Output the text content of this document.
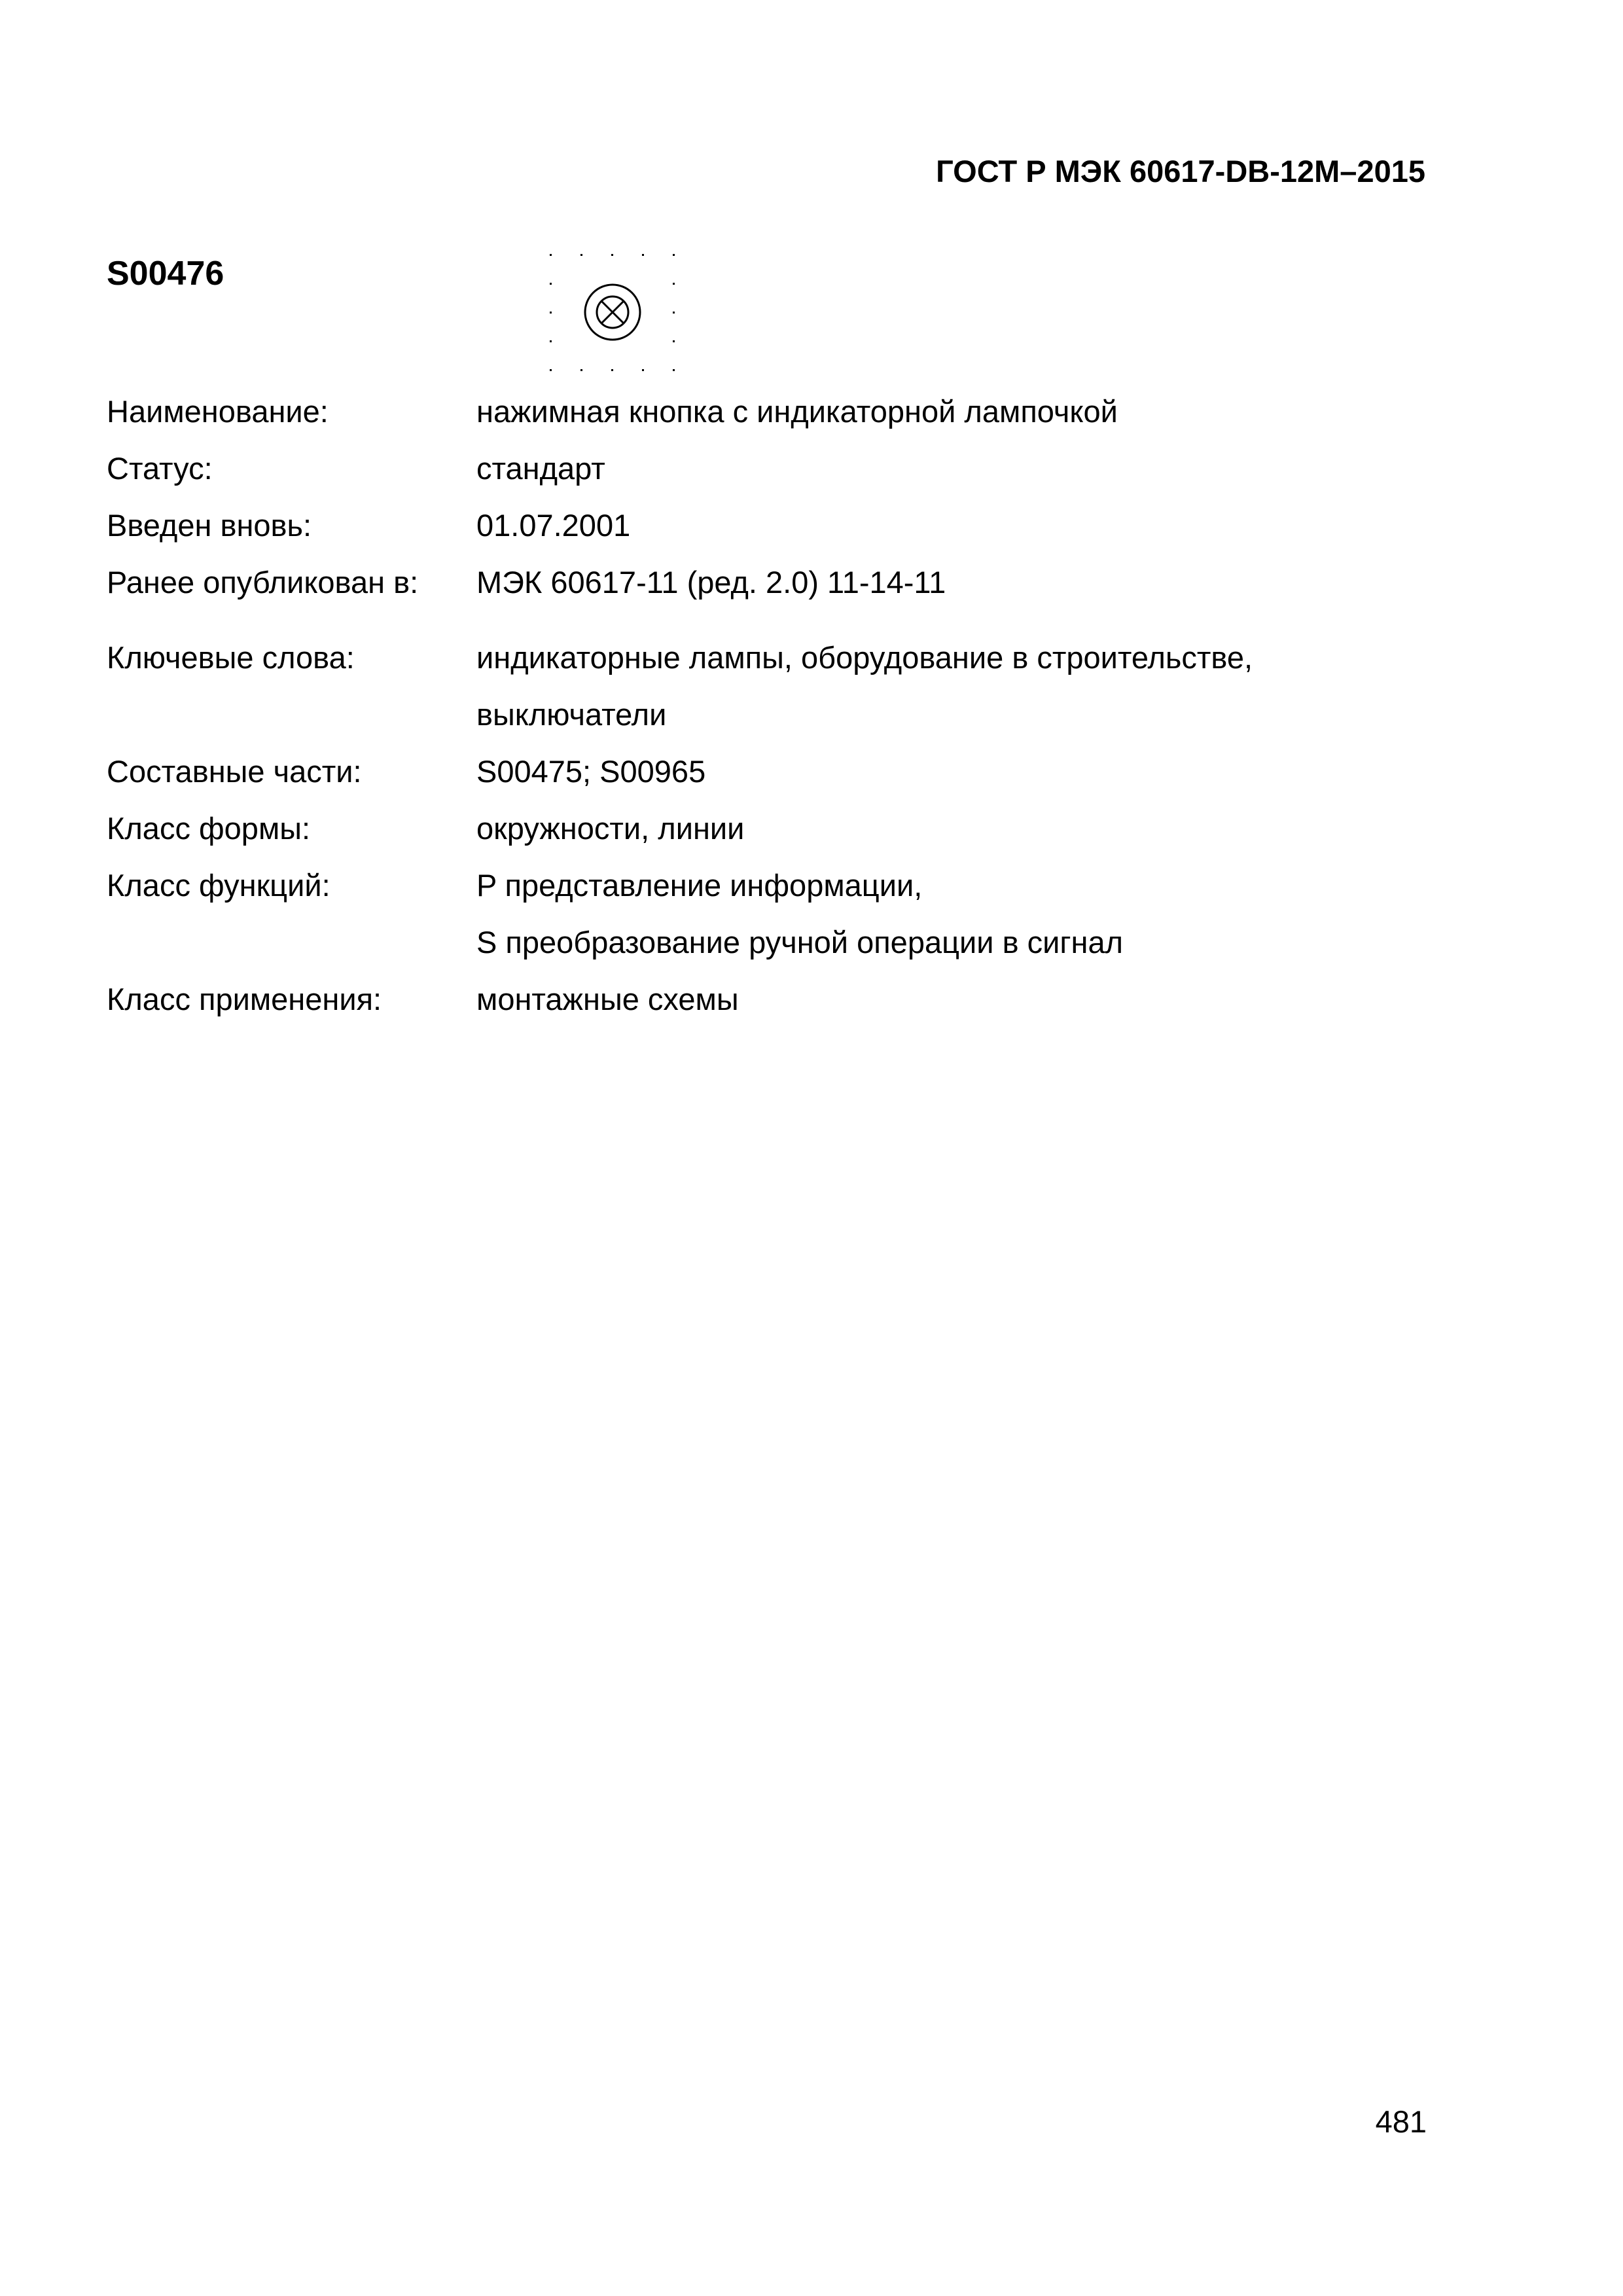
ГОСТ Р МЭК 60617-DB-12M–2015
S00476
Наименование:	нажимная кнопка с индикаторной лампочкой
Статус:	стандарт
Введен вновь:	01.07.2001
Ранее опубликован в:	МЭК 60617-11 (ред. 2.0) 11-14-11
Ключевые слова:	индикаторные лампы, оборудование в строительстве,
выключатели
Составные части:	S00475; S00965
Класс формы:	окружности, линии
Класс функций:	P представление информации,
S преобразование ручной операции в сигнал
Класс применения:	монтажные схемы
481
